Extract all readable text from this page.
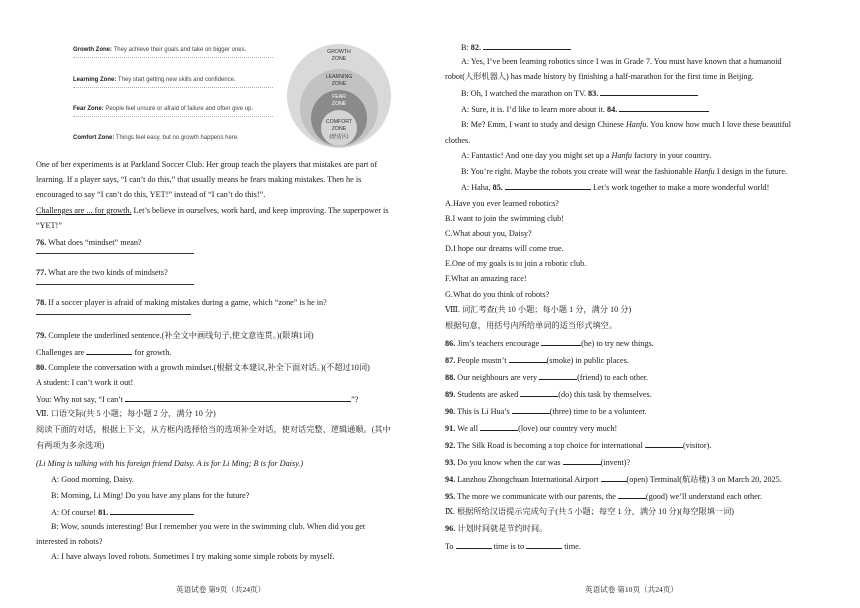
Growth Zone: They achieve their goals and take on bigger ones.
Learning Zone: They start getting new skills and confidence.
Fear Zone: People feel unsure or afraid of failure and often give up.
Comfort Zone: Things feel easy, but no growth happens here.
GROWTH
ZONE
LEARNING
ZONE
FEAR
ZONE
COMFORT
ZONE
(舒适区)
One of her experiments is at Parkland Soccer Club. Her group teach the players that mistakes are part of
learning. If a player says, “I can’t do this,” that usually means he fears making mistakes. Then he is
encouraged to say “I can’t do this, YET!” instead of “I can’t do this!”.
Challenges are ... for growth. Let’s believe in ourselves, work hard, and keep improving. The superpower is
“YET!”
76. What does “mindset” mean?
77. What are the two kinds of mindsets?
78. If a soccer player is afraid of making mistakes during a game, which “zone” is he in?
79. Complete the underlined sentence.(补全文中画线句子,使文意连贯。)(限填1词)
Challenges are	for growth.
80. Complete the conversation with a growth mindset.(根据文本建议,补全下面对话。)(不超过10词)
A student: I can’t work it out!
You: Why not say, “I can’t	”?
Ⅶ. 口语交际(共 5 小题；每小题 2 分，满分 10 分)
阅读下面的对话，根据上下文，从方框内选择恰当的选项补全对话，使对话完整、逻辑通顺。(其中
有两项为多余选项)
(Li Ming is talking with his foreign friend Daisy. A is for Li Ming; B is for Daisy.)
A: Good morning, Daisy.
B: Morning, Li Ming! Do you have any plans for the future?
A: Of course! 81.
B: Wow, sounds interesting! But I remember you were in the swimming club. When did you get
interested in robots?
A: I have always loved robots. Sometimes I try making some simple robots by myself.
英语试卷 第9页（共24页）
B: 82.
A: Yes, I’ve been learning robotics since I was in Grade 7. You must have known that a humanoid
robot(人形机器人) has made history by finishing a half-marathon for the first time in Beijing.
B: Oh, I watched the marathon on TV. 83.
A: Sure, it is. I’d like to learn more about it. 84.
B: Me? Emm, I want to study and design Chinese Hanfu. You know how much I love these beautiful
clothes.
A: Fantastic! And one day you might set up a Hanfu factory in your country.
B: You’re right. Maybe the robots you create will wear the fashionable Hanfu I design in the future.
A: Haha, 85.	Let’s work together to make a more wonderful world!
A.Have you ever learned robotics?
B.I want to join the swimming club!
C.What about you, Daisy?
D.I hope our dreams will come true.
E.One of my goals is to join a robotic club.
F.What an amazing race!
G.What do you think of robots?
Ⅷ. 词汇考查(共 10 小题；每小题 1 分，满分 10 分)
根据句意，用括号内所给单词的适当形式填空。
86. Jim’s teachers encourage	(he) to try new things.
87. People mustn’t	(smoke) in public places.
88. Our neighbours are very	(friend) to each other.
89. Students are asked	(do) this task by themselves.
90. This is Li Hua’s	(three) time to be a volunteer.
91. We all	(love) our country very much!
92. The Silk Road is becoming a top choice for international	(visitor).
93. Do you know when the car was	(invent)?
94. Lanzhou Zhongchuan International Airport	(open) Terminal(航站楼) 3 on March 20, 2025.
95. The more we communicate with our parents, the	(good) we’ll understand each other.
Ⅸ. 根据所给汉语提示完成句子(共 5 小题；每空 1 分，满分 10 分)(每空限填一词)
96. 计划时间就是节约时间。
To	time is to	time.
英语试卷 第10页（共24页）
